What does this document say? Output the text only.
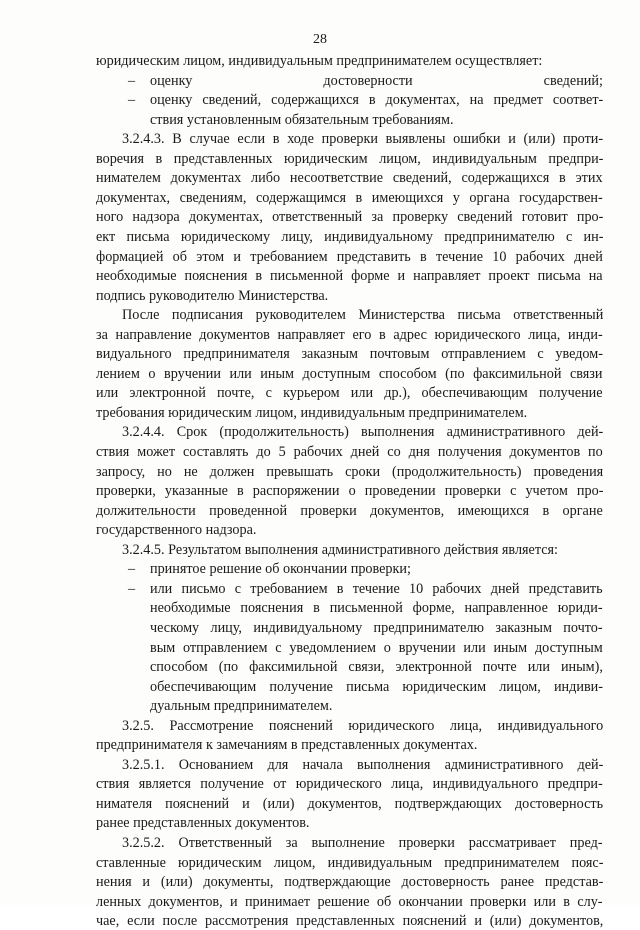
28
–
–
–
–
юридическим лицом, индивидуальным предпринимателем осуществляет:
оценку достоверности сведений;
оценку сведений, содержащихся в документах, на предмет соответ-
ствия установленным обязательным требованиям.
3.2.4.3. В случае если в ходе проверки выявлены ошибки и (или) проти-
воречия в представленных юридическим лицом, индивидуальным предпри-
нимателем документах либо несоответствие сведений, содержащихся в этих
документах, сведениям, содержащимся в имеющихся у органа государствен-
ного надзора документах, ответственный за проверку сведений готовит про-
ект письма юридическому лицу, индивидуальному предпринимателю с ин-
формацией об этом и требованием представить в течение 10 рабочих дней
необходимые пояснения в письменной форме и направляет проект письма на
подпись руководителю Министерства.
После подписания руководителем Министерства письма ответственный
за направление документов направляет его в адрес юридического лица, инди-
видуального предпринимателя заказным почтовым отправлением с уведом-
лением о вручении или иным доступным способом (по факсимильной связи
или электронной почте, с курьером или др.), обеспечивающим получение
требования юридическим лицом, индивидуальным предпринимателем.
3.2.4.4. Срок (продолжительность) выполнения административного дей-
ствия может составлять до 5 рабочих дней со дня получения документов по
запросу, но не должен превышать сроки (продолжительность) проведения
проверки, указанные в распоряжении о проведении проверки с учетом про-
должительности проведенной проверки документов, имеющихся в органе
государственного надзора.
3.2.4.5. Результатом выполнения административного действия является:
принятое решение об окончании проверки;
или письмо с требованием в течение 10 рабочих дней представить
необходимые пояснения в письменной форме, направленное юриди-
ческому лицу, индивидуальному предпринимателю заказным почто-
вым отправлением с уведомлением о вручении или иным доступным
способом (по факсимильной связи, электронной почте или иным),
обеспечивающим получение письма юридическим лицом, индиви-
дуальным предпринимателем.
3.2.5. Рассмотрение пояснений юридического лица, индивидуального
предпринимателя к замечаниям в представленных документах.
3.2.5.1. Основанием для начала выполнения административного дей-
ствия является получение от юридического лица, индивидуального предпри-
нимателя пояснений и (или) документов, подтверждающих достоверность
ранее представленных документов.
3.2.5.2. Ответственный за выполнение проверки рассматривает пред-
ставленные юридическим лицом, индивидуальным предпринимателем пояс-
нения и (или) документы, подтверждающие достоверность ранее представ-
ленных документов, и принимает решение об окончании проверки или в слу-
чае, если после рассмотрения представленных пояснений и (или) документов,
